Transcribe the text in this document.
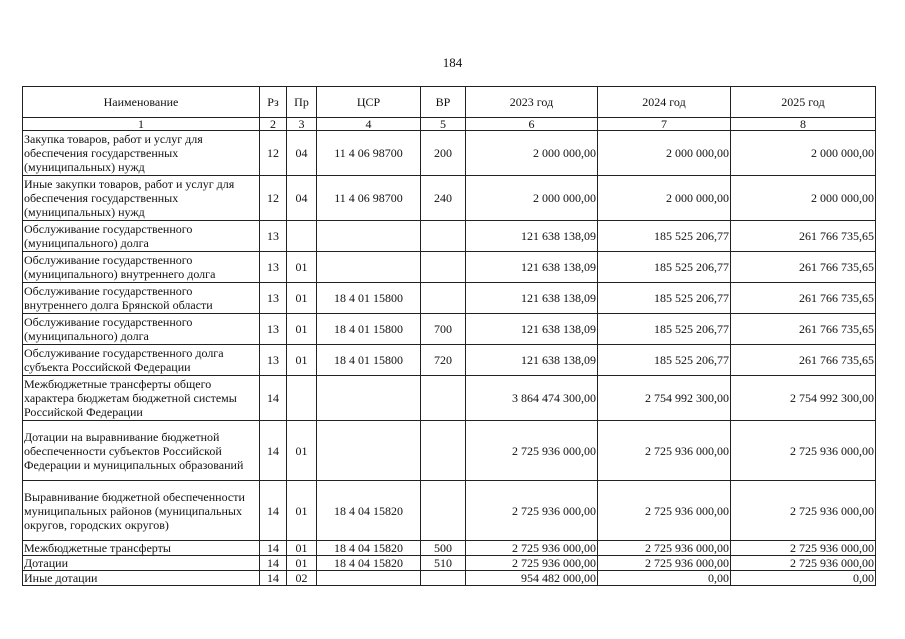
184
Наименование	Рз	Пр	ЦСР	ВР	2023 год	2024 год	2025 год
1	2	3	4	5	6	7	8
Закупка товаров, работ и услуг для обеспечения государственных (муниципальных) нужд	12	04	11 4 06 98700	200	2 000 000,00	2 000 000,00	2 000 000,00
Иные закупки товаров, работ и услуг для обеспечения государственных (муниципальных) нужд	12	04	11 4 06 98700	240	2 000 000,00	2 000 000,00	2 000 000,00
Обслуживание государственного (муниципального) долга	13				121 638 138,09	185 525 206,77	261 766 735,65
Обслуживание государственного (муниципального) внутреннего долга	13	01			121 638 138,09	185 525 206,77	261 766 735,65
Обслуживание государственного внутреннего долга Брянской области	13	01	18 4 01 15800		121 638 138,09	185 525 206,77	261 766 735,65
Обслуживание государственного (муниципального) долга	13	01	18 4 01 15800	700	121 638 138,09	185 525 206,77	261 766 735,65
Обслуживание государственного долга субъекта Российской Федерации	13	01	18 4 01 15800	720	121 638 138,09	185 525 206,77	261 766 735,65
Межбюджетные трансферты общего характера бюджетам бюджетной системы Российской Федерации	14				3 864 474 300,00	2 754 992 300,00	2 754 992 300,00
Дотации на выравнивание бюджетной обеспеченности субъектов Российской Федерации и муниципальных образований	14	01			2 725 936 000,00	2 725 936 000,00	2 725 936 000,00
Выравнивание бюджетной обеспеченности муниципальных районов (муниципальных округов, городских округов)	14	01	18 4 04 15820		2 725 936 000,00	2 725 936 000,00	2 725 936 000,00
Межбюджетные трансферты	14	01	18 4 04 15820	500	2 725 936 000,00	2 725 936 000,00	2 725 936 000,00
Дотации	14	01	18 4 04 15820	510	2 725 936 000,00	2 725 936 000,00	2 725 936 000,00
Иные дотации	14	02			954 482 000,00	0,00	0,00
